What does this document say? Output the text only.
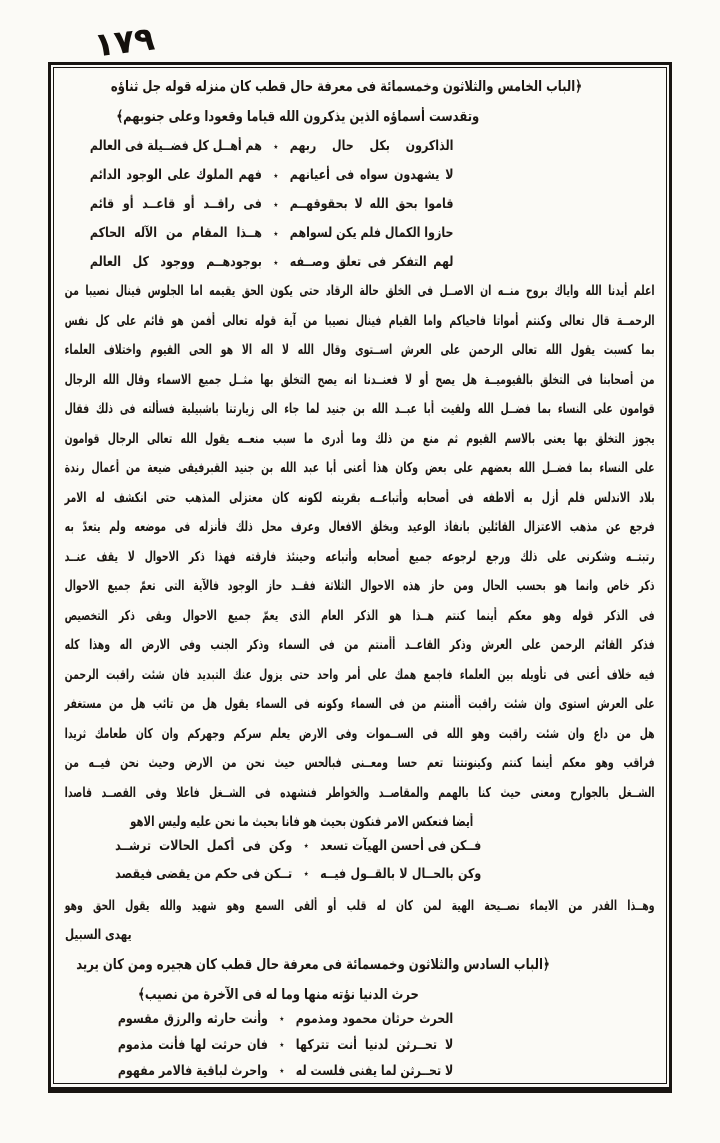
١٧٩
﴿الباب الخامس والثلاثون وخمسمائة فى معرفة حال قطب كان منزله قوله جل ثناؤه
وتقدست أسماؤه الذين يذكرون الله قياما وقعودا وعلى جنوبهم﴾
الذاكرون بكل حال ربهم
٭
هم أهــل كل فضــيلة فى العالم
لا يشهدون سواه فى أعيانهم
٭
فهم الملوك على الوجود الدائم
قاموا بحق الله لا بحقوقهــم
٭
فى راقــد أو قاعــد أو قائم
حازوا الكمال فلم يكن لسواهم
٭
هــذا المقام من الآله الحاكم
لهم التفكر فى تعلق وصــفه
٭
بوجودهــم ووجود كل العالم
اعلم أيدنا الله واياك بروح منــه ان الاصــل فى الخلق حالة الرقاد حتى يكون الحق يقيمه اما الجلوس فينال نصيبا من
الرحمــة قال تعالى وكنتم أمواتا فاحياكم واما القيام فينال نصيبا من آية قوله تعالى أفمن هو قائم على كل نفس
بما كسبت يقول الله تعالى الرحمن على العرش اســتوى وقال الله لا اله الا هو الحى القيوم واختلاف العلماء
من أصحابنا فى التخلق بالقيوميــة هل يصح أو لا فعنــدنا انه يصح التخلق بها مثــل جميع الاسماء وقال الله الرجال
قوامون على النساء بما فضــل الله ولقيت أبا عبــد الله بن جنيد لما جاء الى زيارتنا باشبيلية فسألته فى ذلك فقال
يجوز التخلق بها يعنى بالاسم القيوم ثم منع من ذلك وما أدرى ما سبب منعــه يقول الله تعالى الرجال قوامون
على النساء بما فضــل الله بعضهم على بعض وكان هذا أعنى أبا عبد الله بن جنيد القبرفيقى ضيعة من أعمال رندة
بلاد الاندلس فلم أزل به ألاطفه فى أصحابه وأتباعــه بقريته لكونه كان معتزلى المذهب حتى انكشف له الامر
فرجع عن مذهب الاعتزال القائلين بانفاذ الوعيد وبخلق الافعال وعرف محل ذلك فأنزله فى موضعه ولم يتعدّ به
رتبتــه وشكرنى على ذلك ورجع لرجوعه جميع أصحابه وأتباعه وحينئذ فارقته فهذا ذكر الاحوال لا يقف عنــد
ذكر خاص وانما هو بحسب الحال ومن حاز هذه الاحوال الثلاثة فقــد حاز الوجود فالآية التى تعمّ جميع الاحوال
فى الذكر قوله وهو معكم أينما كنتم هــذا هو الذكر العام الذى يعمّ جميع الاحوال وبقى ذكر التخصيص
فذكر القائم الرحمن على العرش وذكر القاعــد أأمنتم من فى السماء وذكر الجنب وفى الارض اله وهذا كله
فيه خلاف أعنى فى تأويله بين العلماء فاجمع همك على أمر واحد حتى يزول عنك التبديد فان شئت راقبت الرحمن
على العرش استوى وان شئت راقبت أأمنتم من فى السماء وكونه فى السماء يقول هل من تائب هل من مستغفر
هل من داع وان شئت راقبت وهو الله فى الســموات وفى الارض يعلم سركم وجهركم وان كان طعامك ثريدا
فراقب وهو معكم أينما كنتم وكينونتنا تعم حسا ومعــنى فبالحس حيث نحن من الارض وحيث نحن فيــه من
الشــغل بالجوارح ومعنى حيث كنا بالهمم والمقاصــد والخواطر فنشهده فى الشــغل فاعلا وفى القصــد قاصدا
أيضا فنعكس الامر فنكون بحيث هو فانا بحيث ما نحن عليه وليس الاهو
فــكن فى أحسن الهيآت تسعد
٭
وكن فى أكمل الحالات ترشــد
وكن بالحــال لا بالقــول فيــه
٭
تــكن فى حكم من يقضى فيقصد
وهــذا القدر من الايماء نصــيحة الهية لمن كان له قلب أو ألقى السمع وهو شهيد والله يقول الحق وهو
يهدى السبيل
﴿الباب السادس والثلاثون وخمسمائة فى معرفة حال قطب كان هجيره ومن كان يريد
حرث الدنيا نؤته منها وما له فى الآخرة من نصيب﴾
الحرث حرثان محمود ومذموم
٭
وأنت حارثه والرزق مقسوم
لا تحــرثن لدنيا أنت تتركها
٭
فان حرثت لها فأنت مذموم
لا تحــرثن لما يفنى فلست له
٭
واحرث لباقية فالامر مفهوم
